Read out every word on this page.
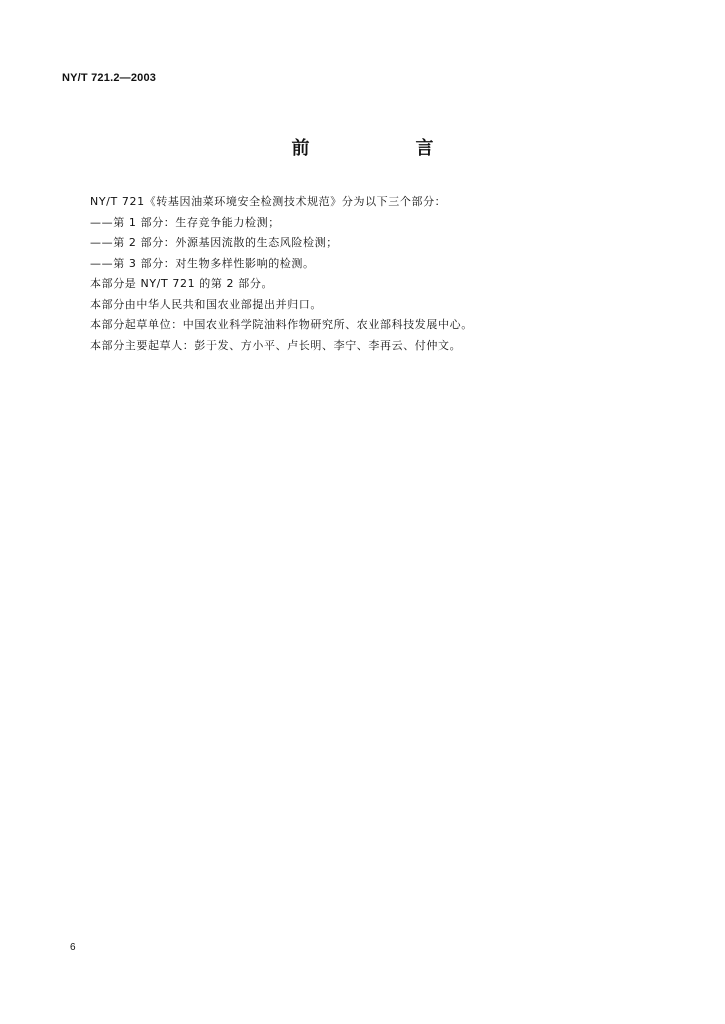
NY/T 721.2—2003
前　言
NY/T 721《转基因油菜环境安全检测技术规范》分为以下三个部分：
——第 1 部分：生存竞争能力检测；
——第 2 部分：外源基因流散的生态风险检测；
——第 3 部分：对生物多样性影响的检测。
本部分是 NY/T 721 的第 2 部分。
本部分由中华人民共和国农业部提出并归口。
本部分起草单位：中国农业科学院油料作物研究所、农业部科技发展中心。
本部分主要起草人：彭于发、方小平、卢长明、李宁、李再云、付仲文。
6
